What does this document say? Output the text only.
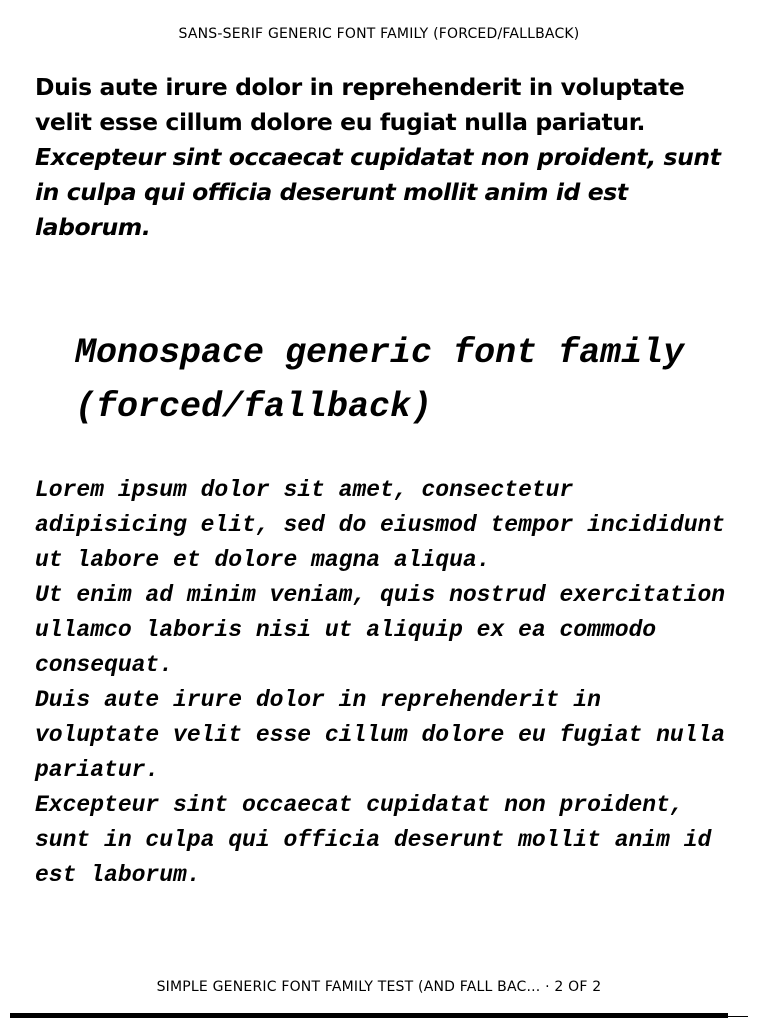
SANS-SERIF GENERIC FONT FAMILY (FORCED/FALLBACK)
Duis aute irure dolor in reprehenderit in voluptate velit esse cillum dolore eu fugiat nulla pariatur. Excepteur sint occaecat cupidatat non proident, sunt in culpa qui officia deserunt mollit anim id est laborum.
Monospace generic font family (forced/fallback)

Lorem ipsum dolor sit amet, consectetur adipisicing elit, sed do eiusmod tempor incididunt ut labore et dolore magna aliqua.

Ut enim ad minim veniam, quis nostrud exercitation ullamco laboris nisi ut aliquip ex ea commodo consequat.

Duis aute irure dolor in reprehenderit in voluptate velit esse cillum dolore eu fugiat nulla pariatur.

Excepteur sint occaecat cupidatat non proident, sunt in culpa qui officia deserunt mollit anim id est laborum.

SIMPLE GENERIC FONT FAMILY TEST (AND FALL BAC... · 2 OF 2
